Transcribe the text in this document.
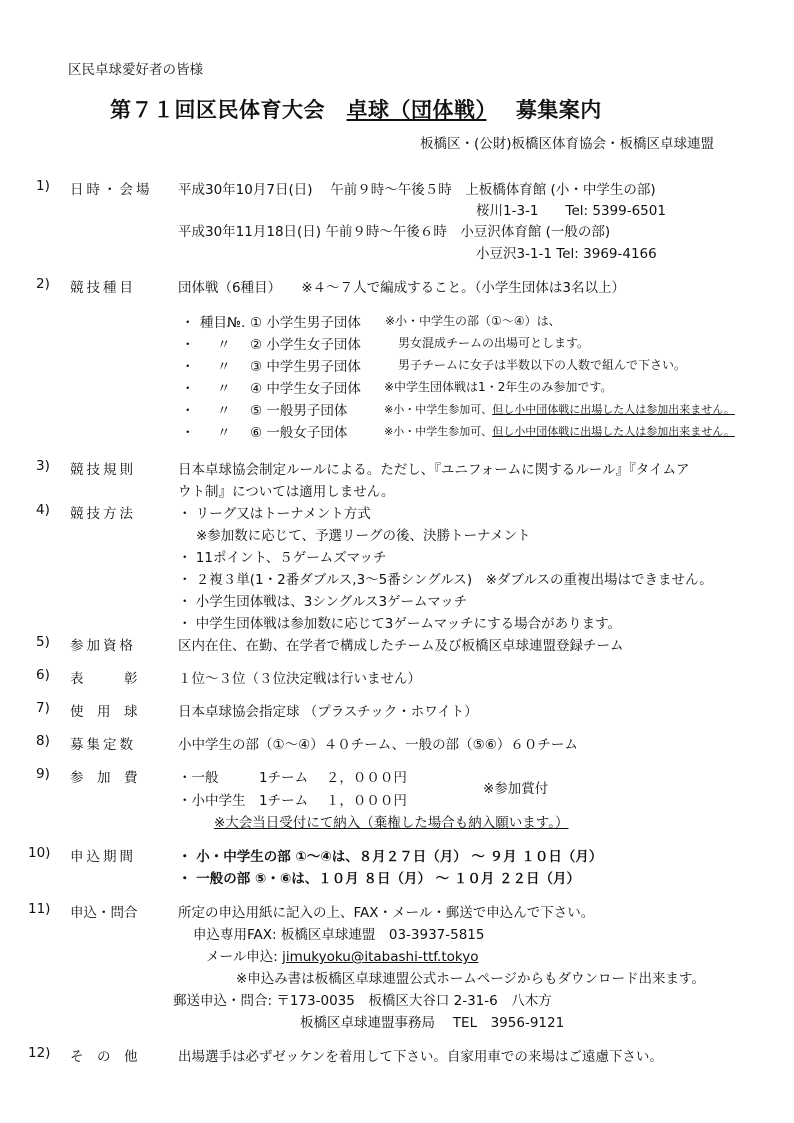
区民卓球愛好者の皆様
第７１回区民体育大会　 卓球（団体戦）　 募集案内
板橋区・(公財)板橋区体育協会・板橋区卓球連盟
1) 日時・会場 平成30年10月7日(日)　 午前９時～午後５時　上板橋体育館 (小・中学生の部)
桜川1-3-1　　Tel: 5399-6501
平成30年11月18日(日) 午前９時～午後６時　小豆沢体育館 (一般の部)
小豆沢3-1-1 Tel: 3969-4166
2) 競技種目	団体戦（6種目）　　※４～７人で編成すること。（小学生団体は3名以上）
・ 種目№. ① 小学生男子団体 ※小・中学生の部（①～④）は、
・ 〃 ② 小学生女子団体	男女混成チームの出場可とします。
・ 〃 ③ 中学生男子団体	男子チームに女子は半数以下の人数で組んで下さい。
・ 〃 ④ 中学生女子団体 ※中学生団体戦は1・2年生のみ参加です。
・ 〃 ⑤ 一般男子団体	※小・中学生参加可、但し小中団体戦に出場した人は参加出来ません。
・ 〃 ⑥ 一般女子団体	※小・中学生参加可、但し小中団体戦に出場した人は参加出来ません。
3) 競技規則	日本卓球協会制定ルールによる。ただし、『ユニフォームに関するルール』『タイムア
ウト制』については適用しません。
4) 競技方法	・ リーグ又はトーナメント方式
※参加数に応じて、予選リーグの後、決勝トーナメント
・ 11ポイント、５ゲームズマッチ
・ ２複３単(1・2番ダブルス,3～5番シングルス)　※ダブルスの重複出場はできません。
・ 小学生団体戦は、3シングルス3ゲームマッチ
・ 中学生団体戦は参加数に応じて3ゲームマッチにする場合があります。
5) 参加資格	区内在住、在勤、在学者で構成したチーム及び板橋区卓球連盟登録チーム
6) 表　　　彰	１位～３位（３位決定戦は行いません）
7) 使　用　球	日本卓球協会指定球 （プラスチック・ホワイト）
8) 募集定数	小中学生の部（①～④）４０チーム、一般の部（⑤⑥）６０チーム
9) 参　加　費	・一般　　　1チーム　 ２，０００円
・小中学生　1チーム　 １，０００円
※参加賞付
※大会当日受付にて納入（棄権した場合も納入願います。）
10) 申込期間	・ 小・中学生の部 ①～④は、８月２７日（月） ～ ９月 １０日（月）
・ 一般の部 ⑤・⑥は、１０月 ８日（月） ～ １０月 ２２日（月）
11) 申込・問合	所定の申込用紙に記入の上、FAX・メール・郵送で申込んで下さい。
申込専用FAX: 板橋区卓球連盟　03-3937-5815
メール申込: jimukyoku@itabashi-ttf.tokyo
※申込み書は板橋区卓球連盟公式ホームページからもダウンロード出来ます。
郵送申込・問合: 〒173-0035　板橋区大谷口 2-31-6　八木方
板橋区卓球連盟事務局　 TEL　3956-9121
12) そ　の　他	出場選手は必ずゼッケンを着用して下さい。自家用車での来場はご遠慮下さい。
